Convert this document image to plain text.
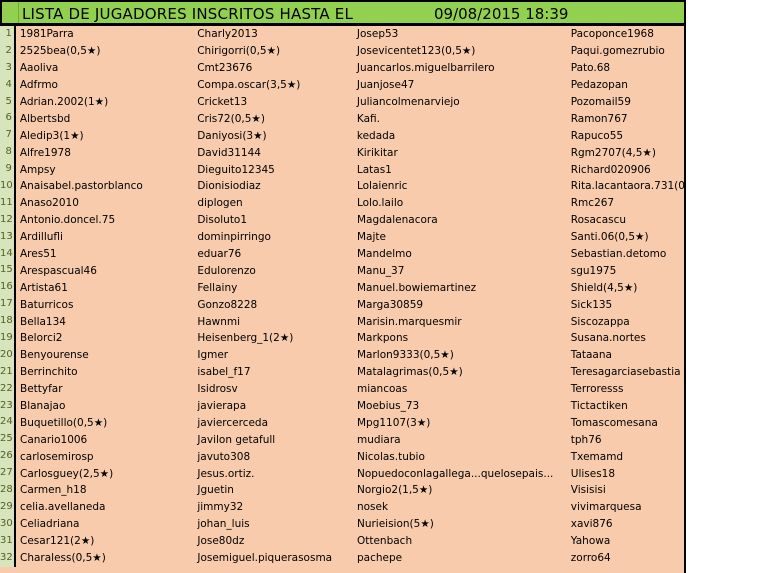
LISTA DE JUGADORES INSCRITOS HASTA EL	09/08/2015 18:39
1 1981Parra	Charly2013	Josep53	Pacoponce1968
2 2525bea(0,5★)	Chirigorri(0,5★)	Josevicentet123(0,5★)	Paqui.gomezrubio
3 Aaoliva	Cmt23676	Juancarlos.miguelbarrilero	Pato.68
4 Adfrmo	Compa.oscar(3,5★)	Juanjose47	Pedazopan
5 Adrian.2002(1★)	Cricket13	Juliancolmenarviejo	Pozomail59
6 Albertsbd	Cris72(0,5★)	Kafi.	Ramon767
7 Aledip3(1★)	Daniyosi(3★)	kedada	Rapuco55
8 Alfre1978	David31144	Kirikitar	Rgm2707(4,5★)
9 Ampsy	Dieguito12345	Latas1	Richard020906
10 Anaisabel.pastorblanco	Dionisiodiaz	Lolaienric	Rita.lacantaora.731(0
11 Anaso2010	diplogen	Lolo.lailo	Rmc267
12 Antonio.doncel.75	Disoluto1	Magdalenacora	Rosacascu
13 Ardillufli	dominpirringo	Majte	Santi.06(0,5★)
14 Ares51	eduar76	Mandelmo	Sebastian.detomo
15 Arespascual46	Edulorenzo	Manu_37	sgu1975
16 Artista61	Fellainy	Manuel.bowiemartinez	Shield(4,5★)
17 Baturricos	Gonzo8228	Marga30859	Sick135
18 Bella134	Hawnmi	Marisin.marquesmir	Siscozappa
19 Belorci2	Heisenberg_1(2★)	Markpons	Susana.nortes
20 Benyourense	Igmer	Marlon9333(0,5★)	Tataana
21 Berrinchito	isabel_f17	Matalagrimas(0,5★)	Teresagarciasebastia
22 Bettyfar	Isidrosv	miancoas	Terroresss
23 Blanajao	javierapa	Moebius_73	Tictactiken
24 Buquetillo(0,5★)	javiercerceda	Mpg1107(3★)	Tomascomesana
25 Canario1006	Javilon getafull	mudiara	tph76
26 carlosemirosp	javuto308	Nicolas.tubio	Txemamd
27 Carlosguey(2,5★)	Jesus.ortiz.	Nopuedoconlagallega...quelosepais...	Ulises18
28 Carmen_h18	Jguetin	Norgio2(1,5★)	Visisisi
29 celia.avellaneda	jimmy32	nosek	vivimarquesa
30 Celiadriana	johan_luis	Nurieision(5★)	xavi876
31 Cesar121(2★)	Jose80dz	Ottenbach	Yahowa
32 Charaless(0,5★)	Josemiguel.piquerasosma	pachepe	zorro64
